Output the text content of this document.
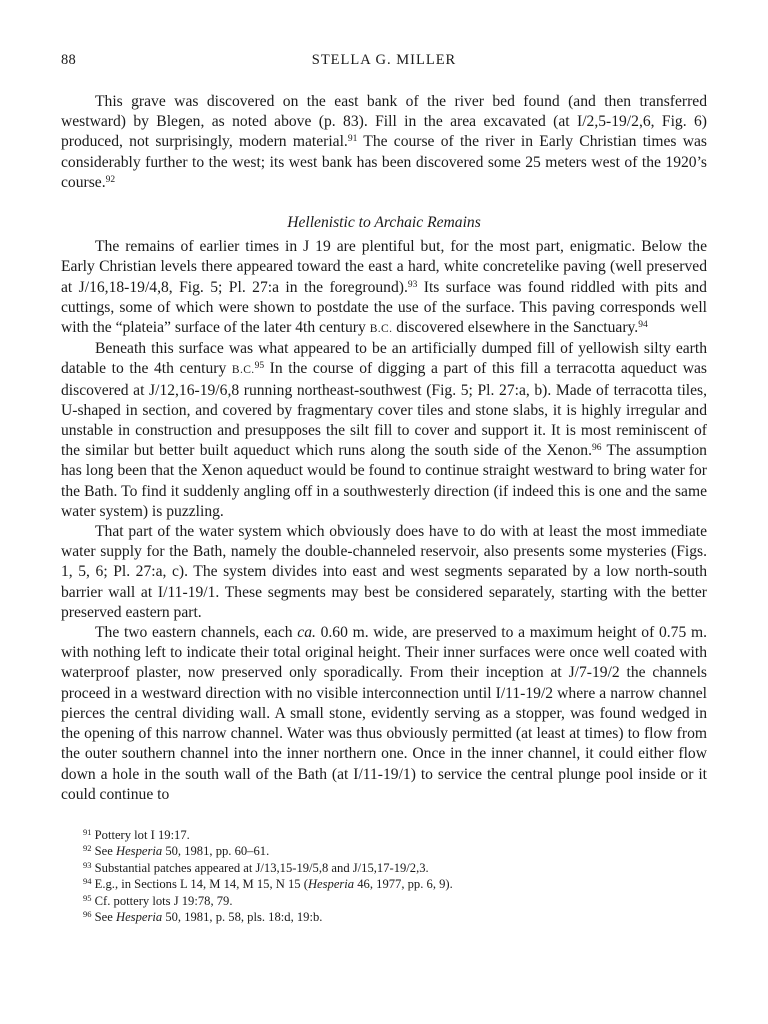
88	STELLA G. MILLER

This grave was discovered on the east bank of the river bed found (and then transferred westward) by Blegen, as noted above (p. 83). Fill in the area excavated (at I/2,5-19/2,6, Fig. 6) produced, not surprisingly, modern material.$^{91}$ The course of the river in Early Christian times was considerably further to the west; its west bank has been discovered some 25 meters west of the 1920’s course.$^{92}$

Hellenistic to Archaic Remains

The remains of earlier times in J 19 are plentiful but, for the most part, enigmatic. Below the Early Christian levels there appeared toward the east a hard, white concretelike paving (well preserved at J/16,18-19/4,8, Fig. 5; Pl. 27:a in the foreground).$^{93}$ Its surface was found riddled with pits and cuttings, some of which were shown to postdate the use of the surface. This paving corresponds well with the “plateia” surface of the later 4th century B.C. discovered elsewhere in the Sanctuary.$^{94}$

Beneath this surface was what appeared to be an artificially dumped fill of yellowish silty earth datable to the 4th century B.C.$^{95}$ In the course of digging a part of this fill a terracotta aqueduct was discovered at J/12,16-19/6,8 running northeast-southwest (Fig. 5; Pl. 27:a, b). Made of terracotta tiles, U-shaped in section, and covered by fragmentary cover tiles and stone slabs, it is highly irregular and unstable in construction and presupposes the silt fill to cover and support it. It is most reminiscent of the similar but better built aqueduct which runs along the south side of the Xenon.$^{96}$ The assumption has long been that the Xenon aqueduct would be found to continue straight westward to bring water for the Bath. To find it suddenly angling off in a southwesterly direction (if indeed this is one and the same water system) is puzzling.

That part of the water system which obviously does have to do with at least the most immediate water supply for the Bath, namely the double-channeled reservoir, also presents some mysteries (Figs. 1, 5, 6; Pl. 27:a, c). The system divides into east and west segments separated by a low north-south barrier wall at I/11-19/1. These segments may best be considered separately, starting with the better preserved eastern part.

The two eastern channels, each ca. 0.60 m. wide, are preserved to a maximum height of 0.75 m. with nothing left to indicate their total original height. Their inner surfaces were once well coated with waterproof plaster, now preserved only sporadically. From their inception at J/7-19/2 the channels proceed in a westward direction with no visible interconnection until I/11-19/2 where a narrow channel pierces the central dividing wall. A small stone, evidently serving as a stopper, was found wedged in the opening of this narrow channel. Water was thus obviously permitted (at least at times) to flow from the outer southern channel into the inner northern one. Once in the inner channel, it could either flow down a hole in the south wall of the Bath (at I/11-19/1) to service the central plunge pool inside or it could continue to

$^{91}$ Pottery lot I 19:17.
$^{92}$ See Hesperia 50, 1981, pp. 60–61.
$^{93}$ Substantial patches appeared at J/13,15-19/5,8 and J/15,17-19/2,3.
$^{94}$ E.g., in Sections L 14, M 14, M 15, N 15 (Hesperia 46, 1977, pp. 6, 9).
$^{95}$ Cf. pottery lots J 19:78, 79.
$^{96}$ See Hesperia 50, 1981, p. 58, pls. 18:d, 19:b.
